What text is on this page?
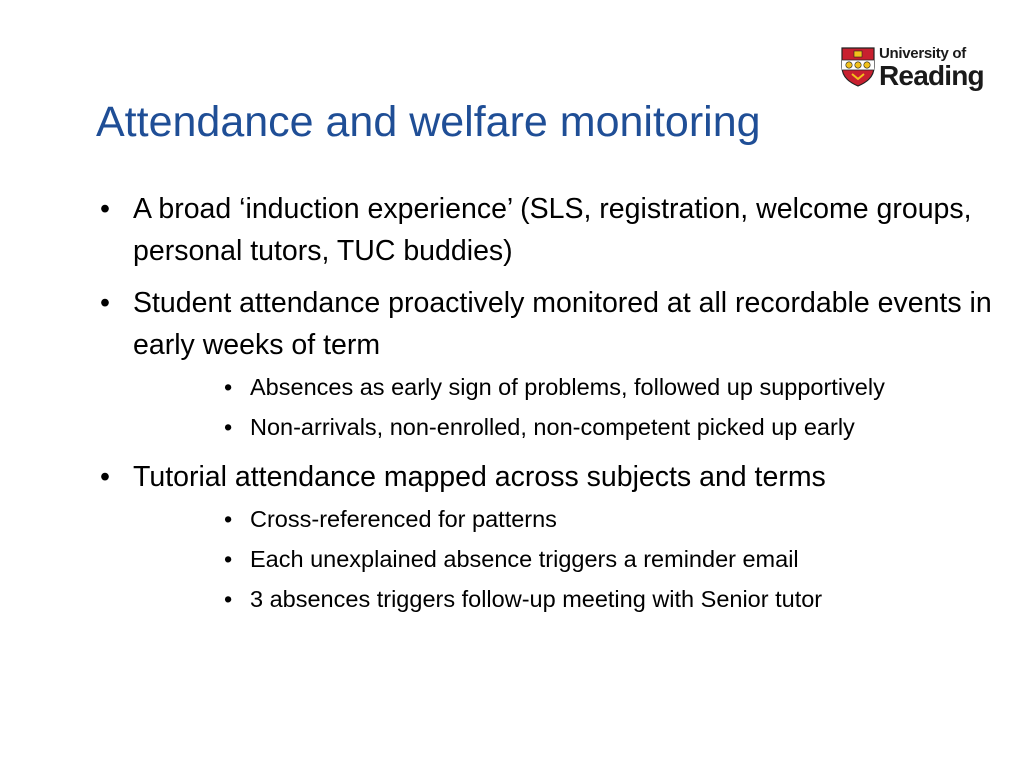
University of
Reading
Attendance and welfare monitoring
• A broad ‘induction experience’ (SLS, registration, welcome groups, personal tutors, TUC buddies)
• Student attendance proactively monitored at all recordable events in early weeks of term
• Absences as early sign of problems, followed up supportively
• Non-arrivals, non-enrolled, non-competent picked up early
• Tutorial attendance mapped across subjects and terms
• Cross-referenced for patterns
• Each unexplained absence triggers a reminder email
• 3 absences triggers follow-up meeting with Senior tutor
